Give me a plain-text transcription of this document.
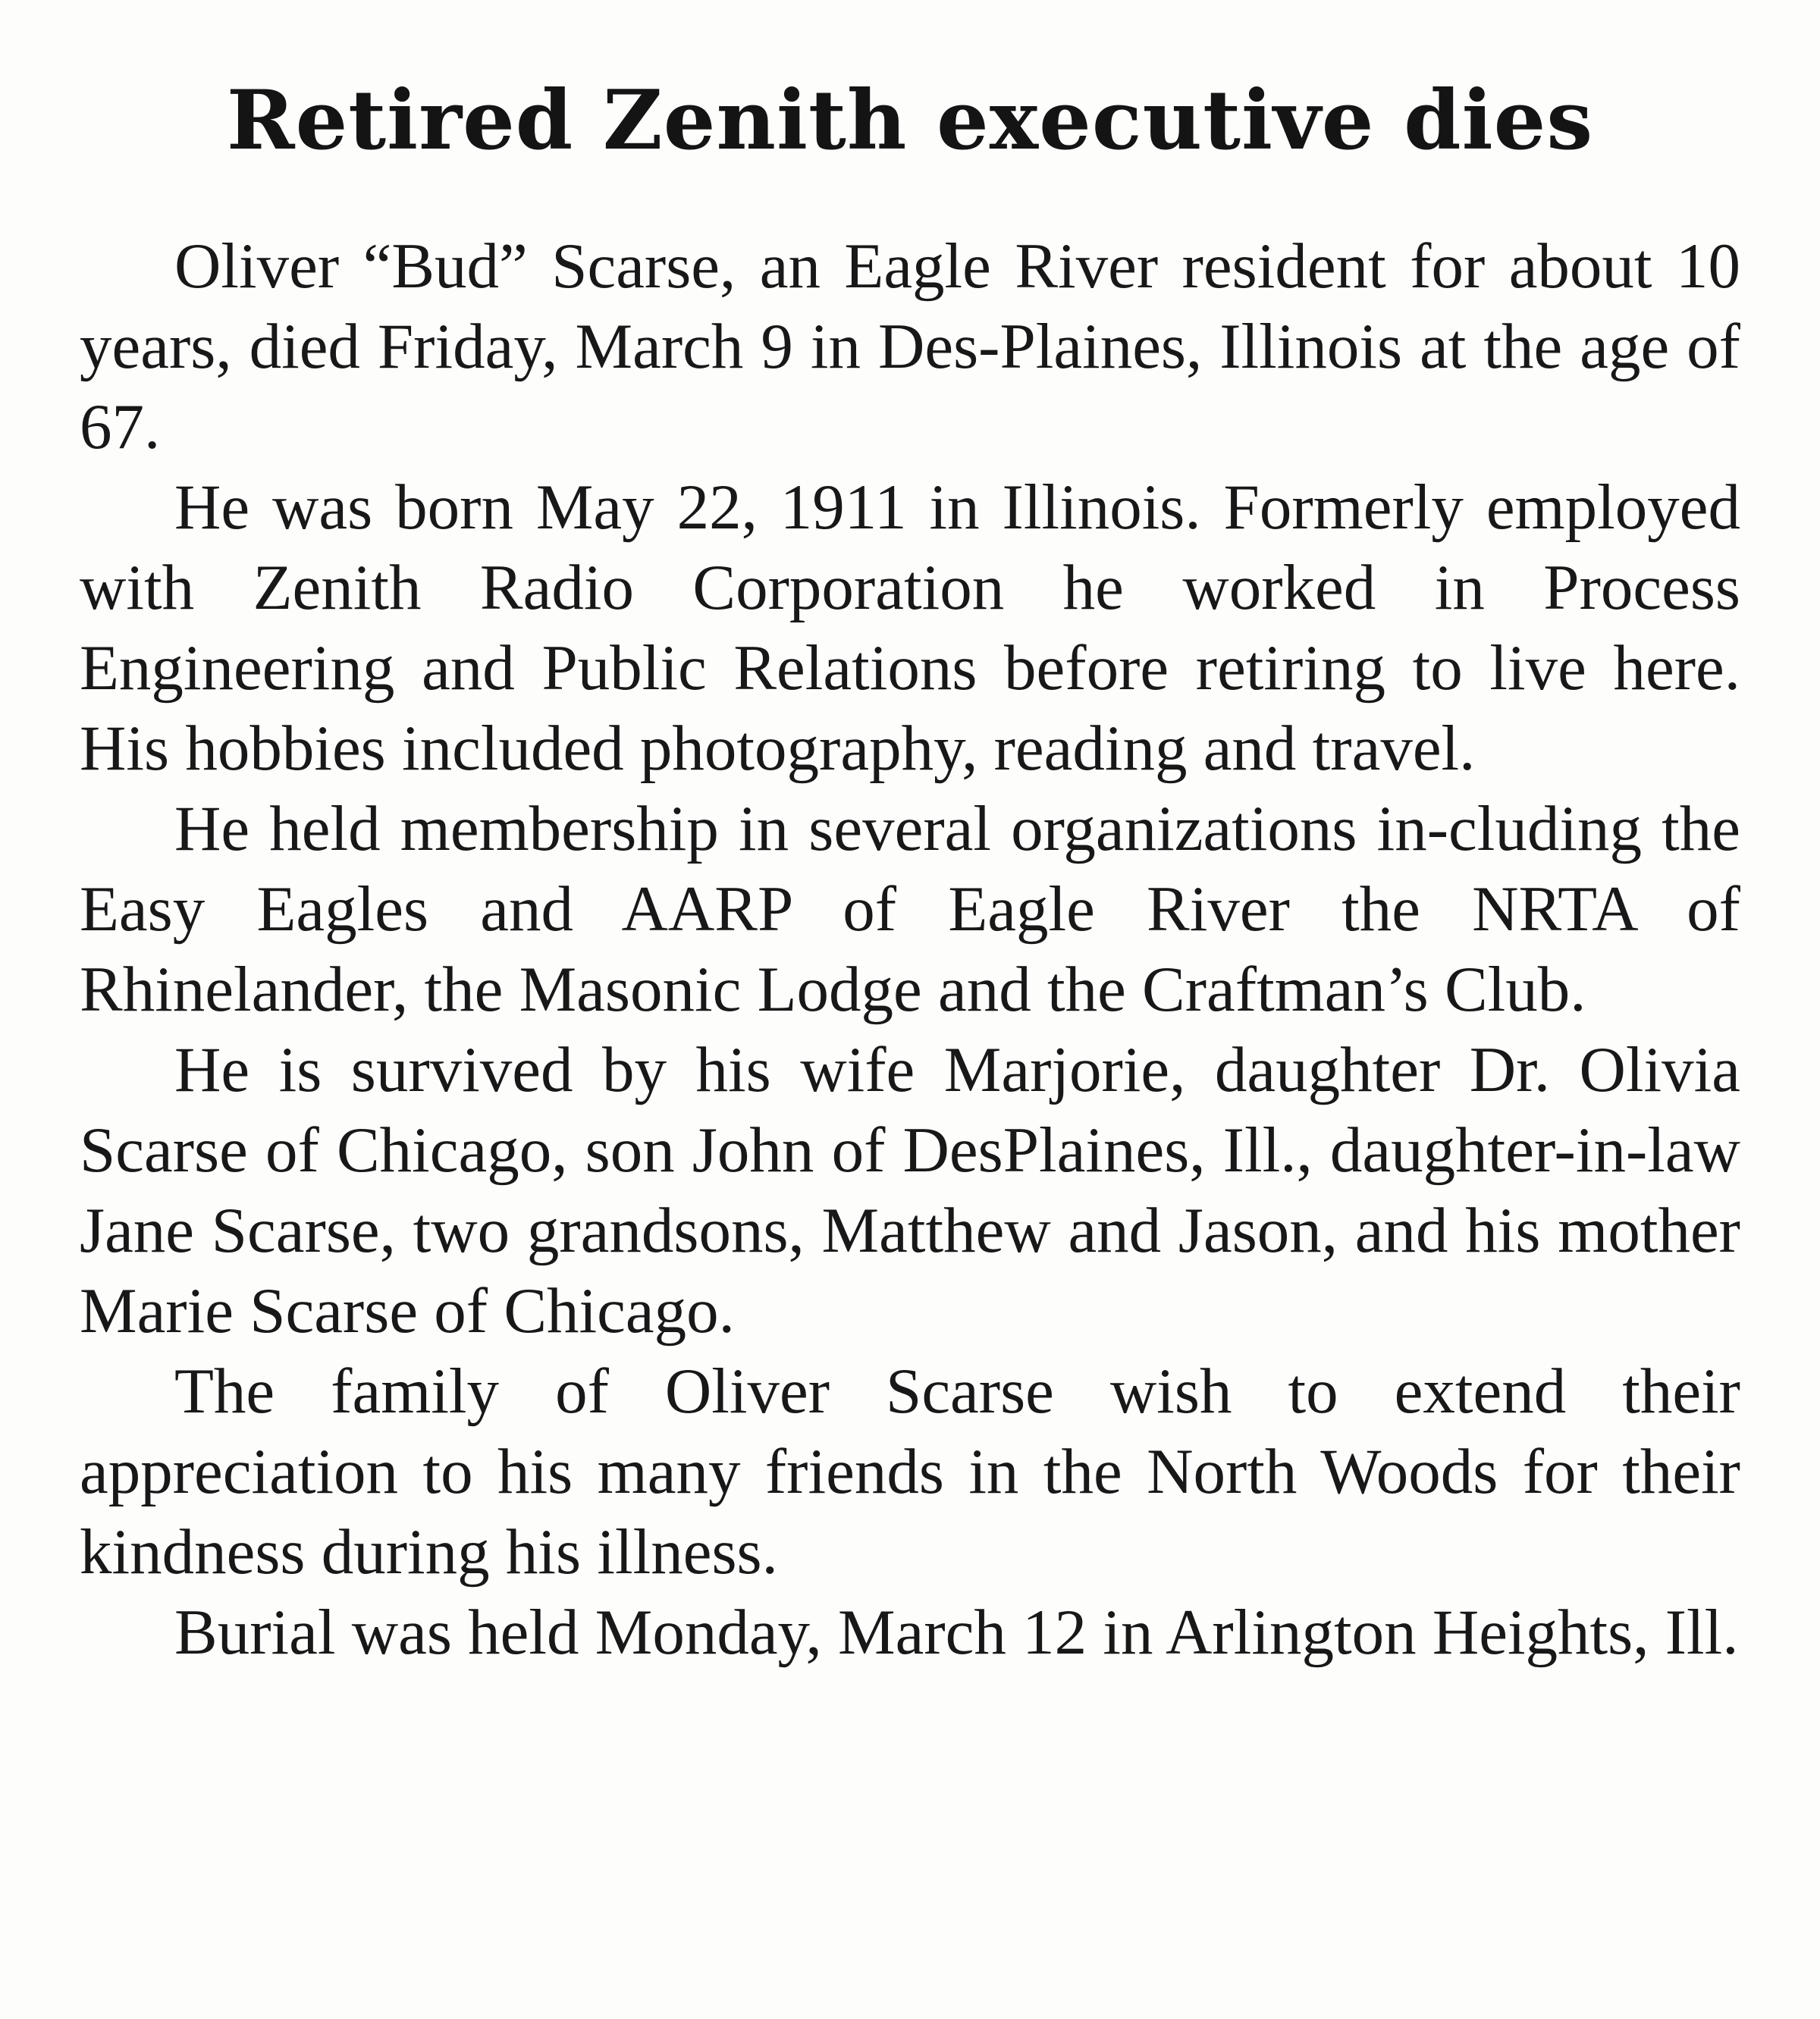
Retired Zenith executive dies

Oliver “Bud” Scarse, an Eagle River resident for about 10 years, died Friday, March 9 in Des-Plaines, Illinois at the age of 67.

He was born May 22, 1911 in Illinois. Formerly employed with Zenith Radio Corporation he worked in Process Engineering and Public Relations before retiring to live here. His hobbies included photography, reading and travel.

He held membership in several organizations in-cluding the Easy Eagles and AARP of Eagle River the NRTA of Rhinelander, the Masonic Lodge and the Craftman’s Club.

He is survived by his wife Marjorie, daughter Dr. Olivia Scarse of Chicago, son John of DesPlaines, Ill., daughter-in-law Jane Scarse, two grandsons, Matthew and Jason, and his mother Marie Scarse of Chicago.

The family of Oliver Scarse wish to extend their appreciation to his many friends in the North Woods for their kindness during his illness.

Burial was held Monday, March 12 in Arlington Heights, Ill.
